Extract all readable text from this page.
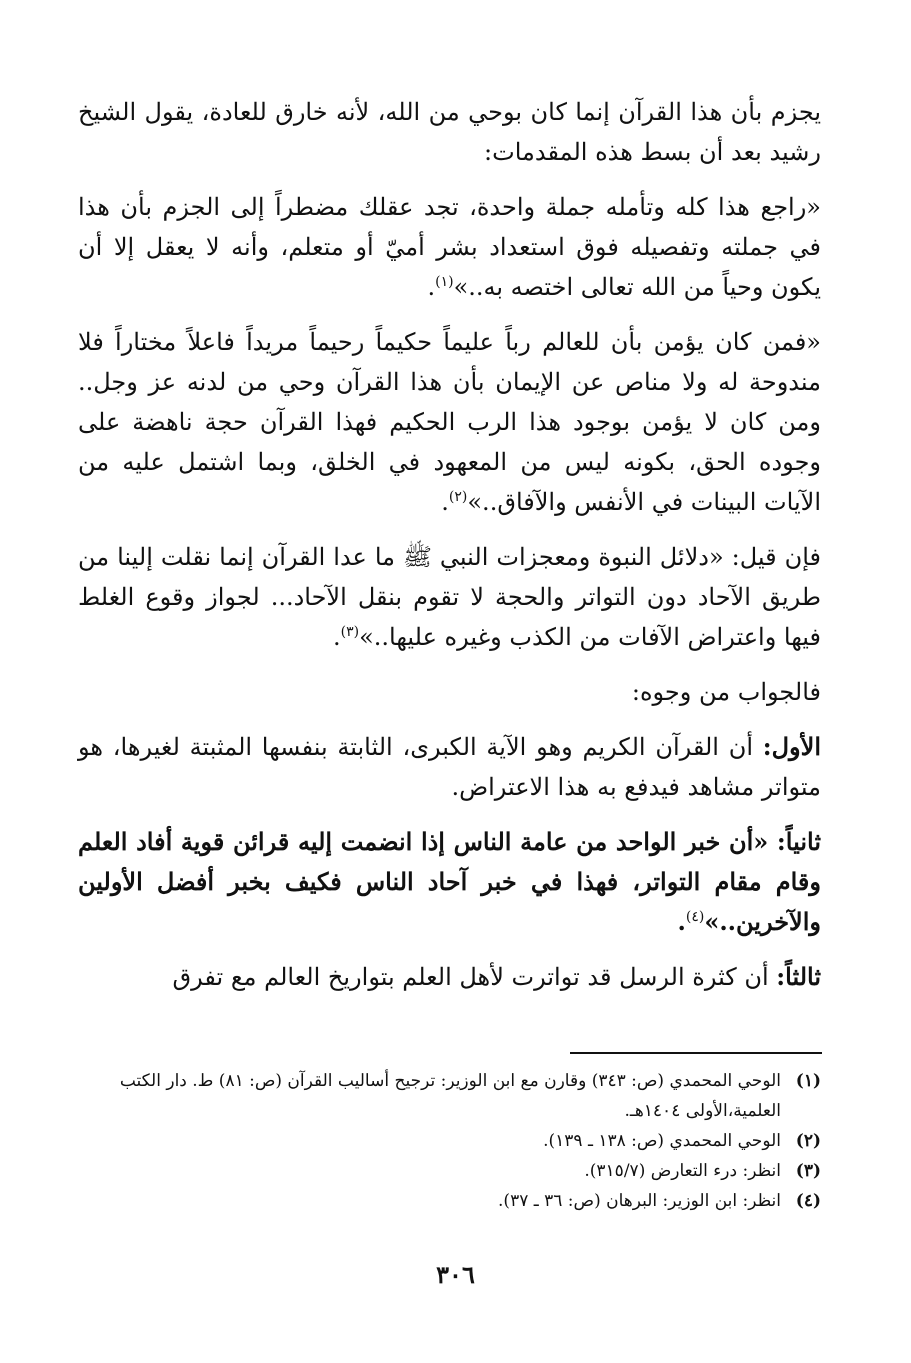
يجزم بأن هذا القرآن إنما كان بوحي من الله، لأنه خارق للعادة، يقول الشيخ رشيد بعد أن بسط هذه المقدمات:

«راجع هذا كله وتأمله جملة واحدة، تجد عقلك مضطراً إلى الجزم بأن هذا في جملته وتفصيله فوق استعداد بشر أميّ أو متعلم، وأنه لا يعقل إلا أن يكون وحياً من الله تعالى اختصه به..»$^{(١)}$.

«فمن كان يؤمن بأن للعالم رباً عليماً حكيماً رحيماً مريداً فاعلاً مختاراً فلا مندوحة له ولا مناص عن الإيمان بأن هذا القرآن وحي من لدنه عز وجل.. ومن كان لا يؤمن بوجود هذا الرب الحكيم فهذا القرآن حجة ناهضة على وجوده الحق، بكونه ليس من المعهود في الخلق، وبما اشتمل عليه من الآيات البينات في الأنفس والآفاق..»$^{(٢)}$.

فإن قيل: «دلائل النبوة ومعجزات النبي ﷺ ما عدا القرآن إنما نقلت إلينا من طريق الآحاد دون التواتر والحجة لا تقوم بنقل الآحاد... لجواز وقوع الغلط فيها واعتراض الآفات من الكذب وغيره عليها..»$^{(٣)}$.

فالجواب من وجوه:

الأول: أن القرآن الكريم وهو الآية الكبرى، الثابتة بنفسها المثبتة لغيرها، هو متواتر مشاهد فيدفع به هذا الاعتراض.

ثانياً: «أن خبر الواحد من عامة الناس إذا انضمت إليه قرائن قوية أفاد العلم وقام مقام التواتر، فهذا في خبر آحاد الناس فكيف بخبر أفضل الأولين والآخرين..»$^{(٤)}$.

ثالثاً: أن كثرة الرسل قد تواترت لأهل العلم بتواريخ العالم مع تفرق

(١)
الوحي المحمدي (ص: ٣٤٣) وقارن مع ابن الوزير: ترجيح أساليب القرآن (ص: ٨١) ط. دار الكتب العلمية،الأولى ١٤٠٤هـ.
(٢)
الوحي المحمدي (ص: ١٣٨ ـ ١٣٩).
(٣)
انظر: درء التعارض (٣١٥/٧).
(٤)
انظر: ابن الوزير: البرهان (ص: ٣٦ ـ ٣٧).
٣٠٦
